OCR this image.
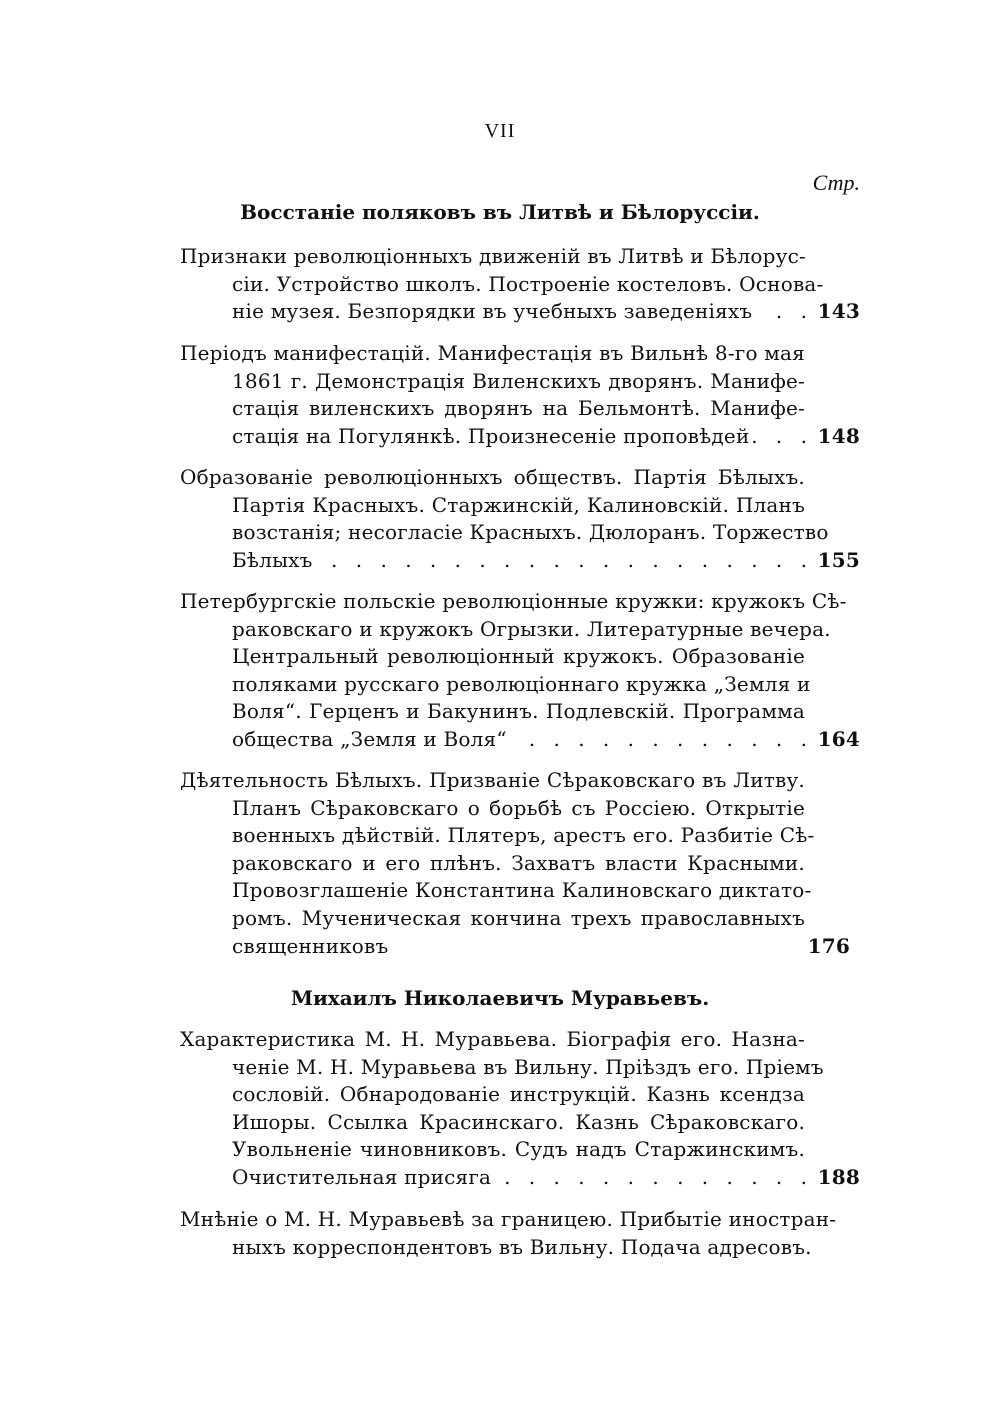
VII
Стр.
Восстаніе поляковъ въ Литвѣ и Бѣлоруссіи.
Признаки революціонныхъ движеній въ Литвѣ и Бѣлорус-
сіи. Устройство школъ. Построеніе костеловъ. Основа-
ніе музея. Безпорядки въ учебныхъ заведеніяхъ	. . 143
Періодъ манифестацій. Манифестація въ Вильнѣ 8-го мая
1861 г. Демонстрація Виленскихъ дворянъ. Манифе-
стація виленскихъ дворянъ на Бельмонтѣ. Манифе-
стація на Погулянкѣ. Произнесеніе проповѣдей . . . 148
Образованіе революціонныхъ обществъ. Партія Бѣлыхъ.
Партія Красныхъ. Старжинскій, Калиновскій. Планъ
возстанія; несогласіе Красныхъ. Дюлоранъ. Торжество
Бѣлыхъ . . . . . . . . . . . . . . . . . . . . 155
Петербургскіе польскіе революціонные кружки: кружокъ Сѣ-
раковскаго и кружокъ Огрызки. Литературные вечера.
Центральный революціонный кружокъ. Образованіе
поляками русскаго революціоннаго кружка „Земля и
Воля“. Герценъ и Бакунинъ. Подлевскій. Программа
общества „Земля и Воля“	. . . . . . . . . . . . 164
Дѣятельность Бѣлыхъ. Призваніе Сѣраковскаго въ Литву.
Планъ Сѣраковскаго о борьбѣ съ Россіею. Открытіе
военныхъ дѣйствій. Плятеръ, арестъ его. Разбитіе Сѣ-
раковскаго и его плѣнъ. Захватъ власти Красными.
Провозглашеніе Константина Калиновскаго диктато-
ромъ. Мученическая кончина трехъ православныхъ
священниковъ	176
Михаилъ Николаевичъ Муравьевъ.
Характеристика М. Н. Муравьева. Біографія его. Назна-
ченіе М. Н. Муравьева въ Вильну. Пріѣздъ его. Пріемъ
сословій. Обнародованіе инструкцій. Казнь ксендза
Ишоры. Ссылка Красинскаго. Казнь Сѣраковскаго.
Увольненіе чиновниковъ. Судъ надъ Старжинскимъ.
Очистительная присяга . . . . . . . . . . . . . 188
Мнѣніе о М. Н. Муравьевѣ за границею. Прибытіе иностран-
ныхъ корреспондентовъ въ Вильну. Подача адресовъ.
